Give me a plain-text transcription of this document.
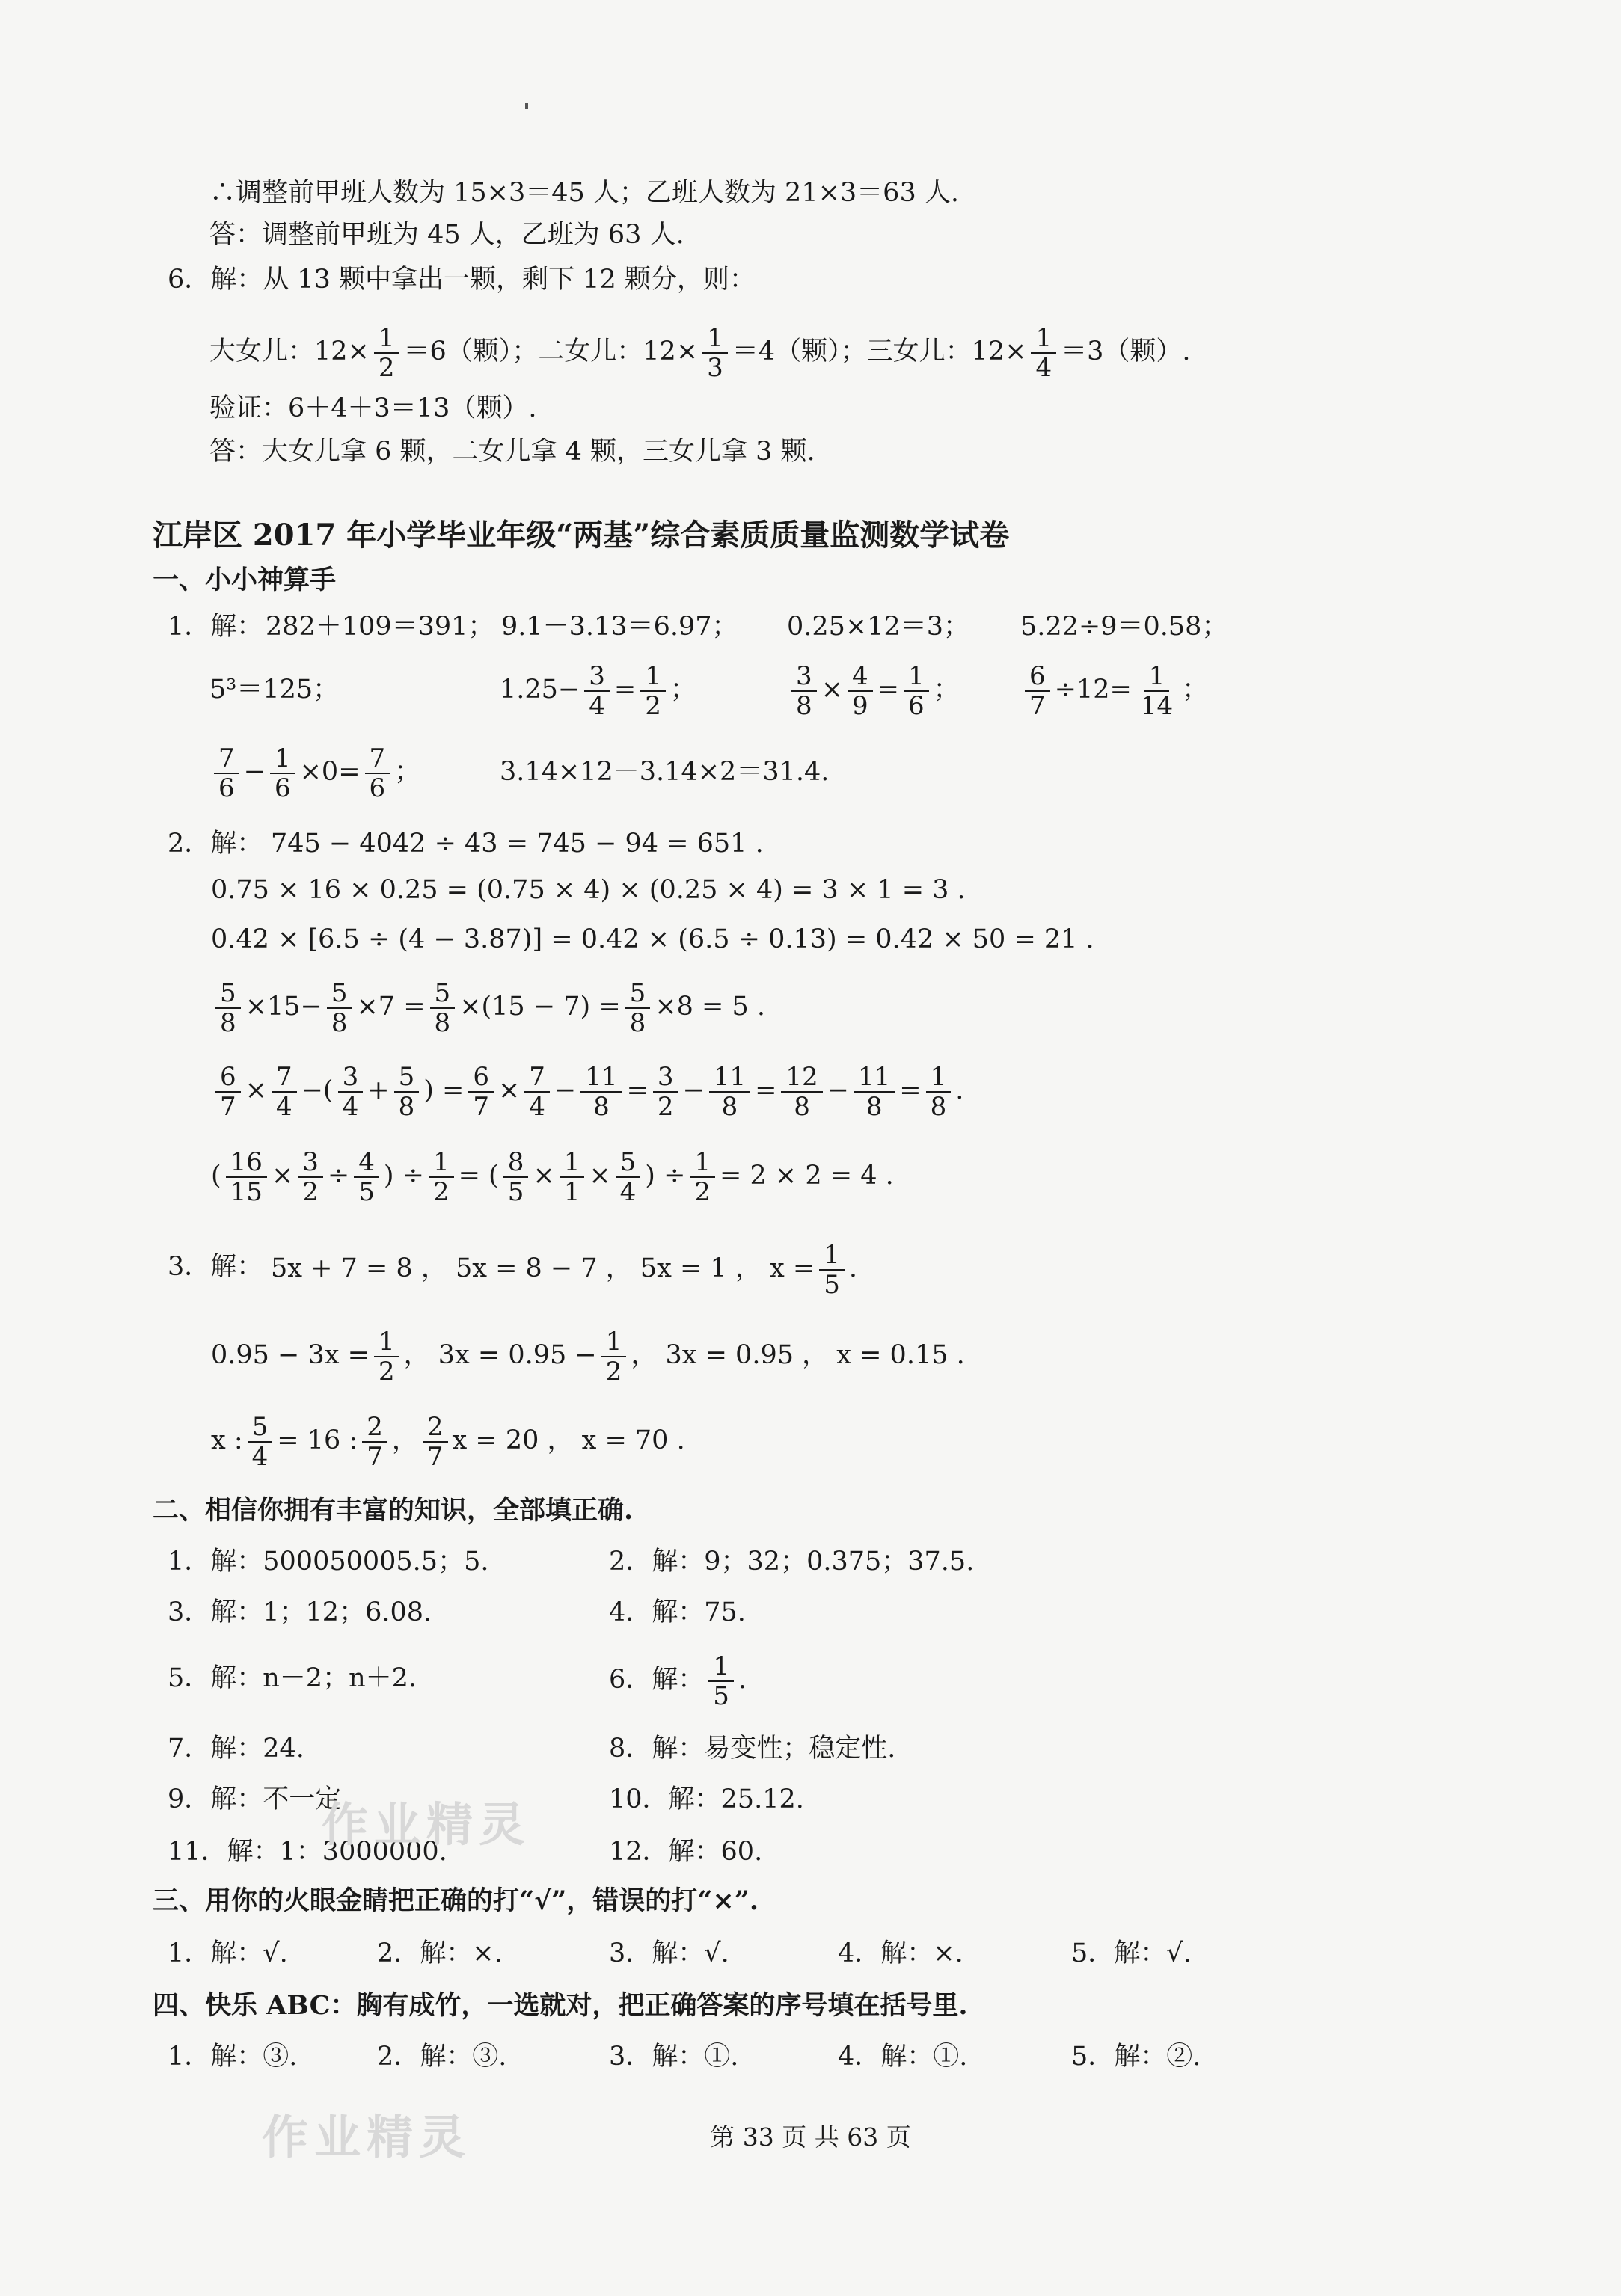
∴调整前甲班人数为 15×3＝45 人；乙班人数为 21×3＝63 人.
答：调整前甲班为 45 人，乙班为 63 人.
6．解：从 13 颗中拿出一颗，剩下 12 颗分，则：
大女儿：$12\times \frac{1}{2} =6$（颗）；二女儿：$12\times \frac{1}{3} =4$（颗）；三女儿：$12\times \frac{1}{4} =3$（颗）.
验证：6＋4＋3＝13（颗）.
答：大女儿拿 6 颗，二女儿拿 4 颗，三女儿拿 3 颗.
江岸区 2017 年小学毕业年级“两基”综合素质质量监测数学试卷
一、小小神算手
1．解： 282＋109＝391； 9.1－3.13＝6.97； 0.25×12＝3； 5.22÷9＝0.58；
5³＝125；	$1.25- \frac{3}{4} = \frac{1}{2}$ ；	$\frac{3}{8} \times \frac{4}{9} = \frac{1}{6}$ ；	$\frac{6}{7} \div 12= \frac{1}{14}$ ；
$\frac{7}{6} - \frac{1}{6} \times 0= \frac{7}{6}$ ；	3.14×12－3.14×2＝31.4.
2．解： 745 − 4042 ÷ 43 = 745 − 94 = 651 .
0.75 × 16 × 0.25 = (0.75 × 4) × (0.25 × 4) = 3 × 1 = 3 .
0.42 × [6.5 ÷ (4 − 3.87)] = 0.42 × (6.5 ÷ 0.13) = 0.42 × 50 = 21 .
$\frac{5}{8} \times 15- \frac{5}{8} \times 7 = \frac{5}{8} \times(15 - 7) = \frac{5}{8} \times 8 = 5$ .
$\frac{6}{7} \times \frac{7}{4}$ −( $\frac{3}{4} + \frac{5}{8}$ ) = $\frac{6}{7} \times \frac{7}{4} - \frac{11}{8} = \frac{3}{2} - \frac{11}{8} = \frac{12}{8} - \frac{11}{8} = \frac{1}{8}$ .
( $\frac{16}{15} \times \frac{3}{2} \div \frac{4}{5}$ ) ÷ $\frac{1}{2}$ = ( $\frac{8}{5} \times \frac{1}{1} \times \frac{5}{4}$ ) ÷ $\frac{1}{2} = 2 \times 2 = 4$ .
3．解： 5x + 7 = 8 ， 5x = 8 − 7 ， 5x = 1 ， $x = \frac{1}{5}$ .
$0.95 - 3x = \frac{1}{2}$ ， $3x = 0.95 - \frac{1}{2}$ ， 3x = 0.95 ， x = 0.15 .
x : $\frac{5}{4} = 16$ : $\frac{2}{7}$ ， $\frac{2}{7}$ x = 20 ， x = 70 .
二、相信你拥有丰富的知识，全部填正确.
1．解：500050005.5；5.	2．解：9；32；0.375；37.5.
3．解：1；12；6.08.	4．解：75.
5．解：n－2；n＋2.	6．解： $\frac{1}{5}$ .
7．解：24.	8．解：易变性；稳定性.
9．解：不一定.	10．解：25.12.
11．解：1：3000000.	12．解：60.
三、用你的火眼金睛把正确的打“√”，错误的打“×”.
1．解：√.	2．解：×.	3．解：√.	4．解：×.	5．解：√.
四、快乐 ABC：胸有成竹，一选就对，把正确答案的序号填在括号里.
1．解：③.	2．解：③.	3．解：①.	4．解：①.	5．解：②.
作业精灵
作业精灵	第 33 页 共 63 页
